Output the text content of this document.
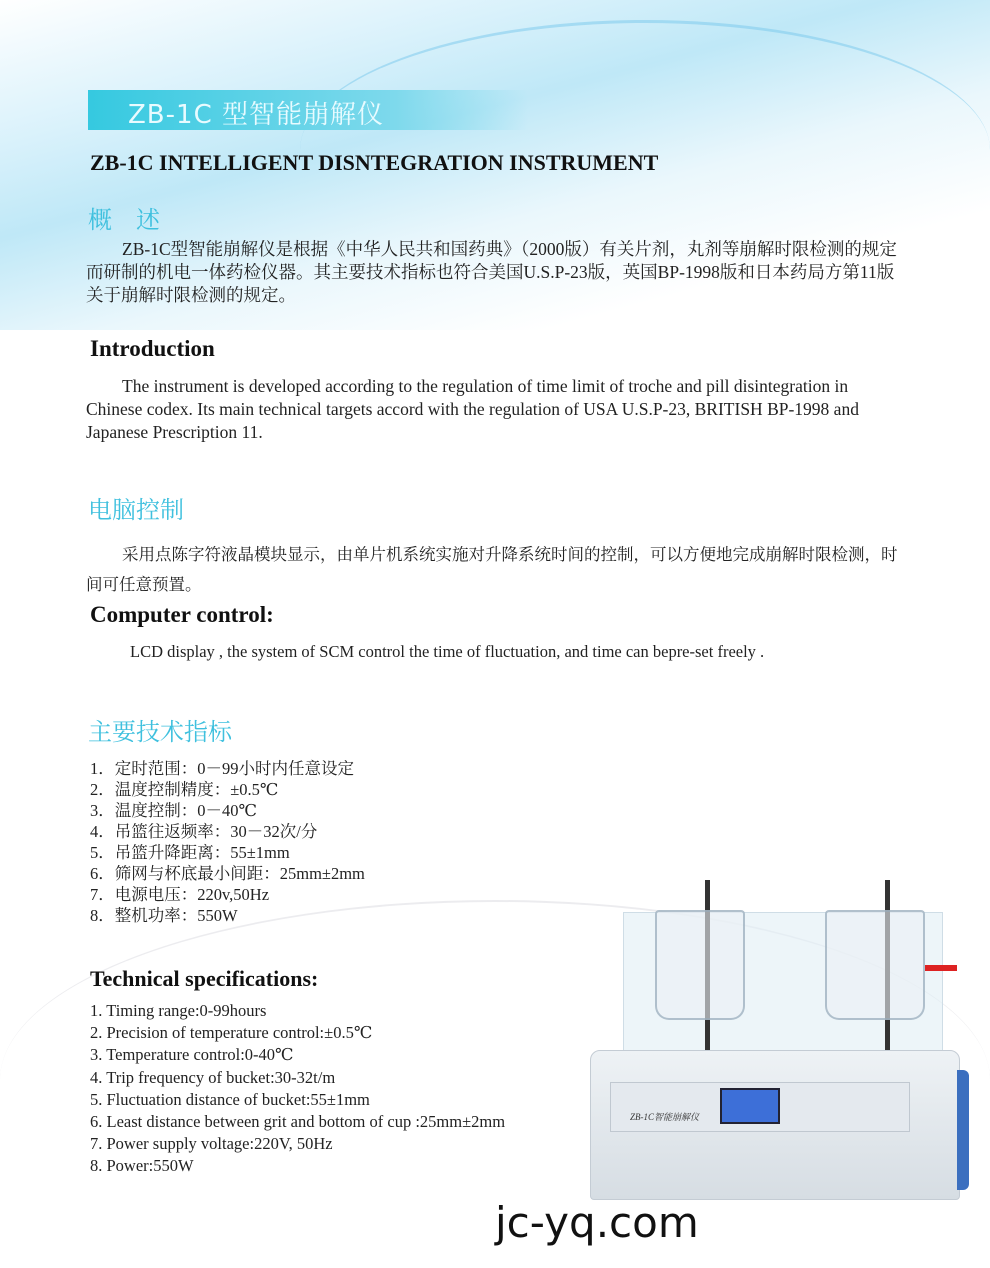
ZB-1C 型智能崩解仪
ZB-1C INTELLIGENT DISNTEGRATION INSTRUMENT
概　述
ZB-1C型智能崩解仪是根据《中华人民共和国药典》（2000版）有关片剂，丸剂等崩解时限检测的规定而研制的机电一体药检仪器。其主要技术指标也符合美国U.S.P-23版，英国BP-1998版和日本药局方第11版关于崩解时限检测的规定。
Introduction
The instrument is developed according to the regulation of time limit of troche and pill disintegration in Chinese codex. Its main technical targets accord with the regulation of USA U.S.P-23, BRITISH BP-1998 and Japanese Prescription 11.
电脑控制
采用点陈字符液晶模块显示，由单片机系统实施对升降系统时间的控制，可以方便地完成崩解时限检测，时间可任意预置。
Computer control:
LCD display , the system of SCM control the time of fluctuation, and time can bepre-set freely .
主要技术指标
1．定时范围：0－99小时内任意设定
2．温度控制精度：±0.5℃
3．温度控制：0－40℃
4．吊篮往返频率：30－32次/分
5．吊篮升降距离：55±1mm
6．筛网与杯底最小间距：25mm±2mm
7．电源电压：220v,50Hz
8．整机功率：550W
Technical specifications:
1. Timing range:0-99hours
2. Precision of temperature control:±0.5℃
3. Temperature control:0-40℃
4. Trip frequency of bucket:30-32t/m
5. Fluctuation distance of bucket:55±1mm
6. Least distance between grit and bottom of cup :25mm±2mm
7. Power supply voltage:220V, 50Hz
8. Power:550W
ZB-1C智能崩解仪
jc-yq.com
